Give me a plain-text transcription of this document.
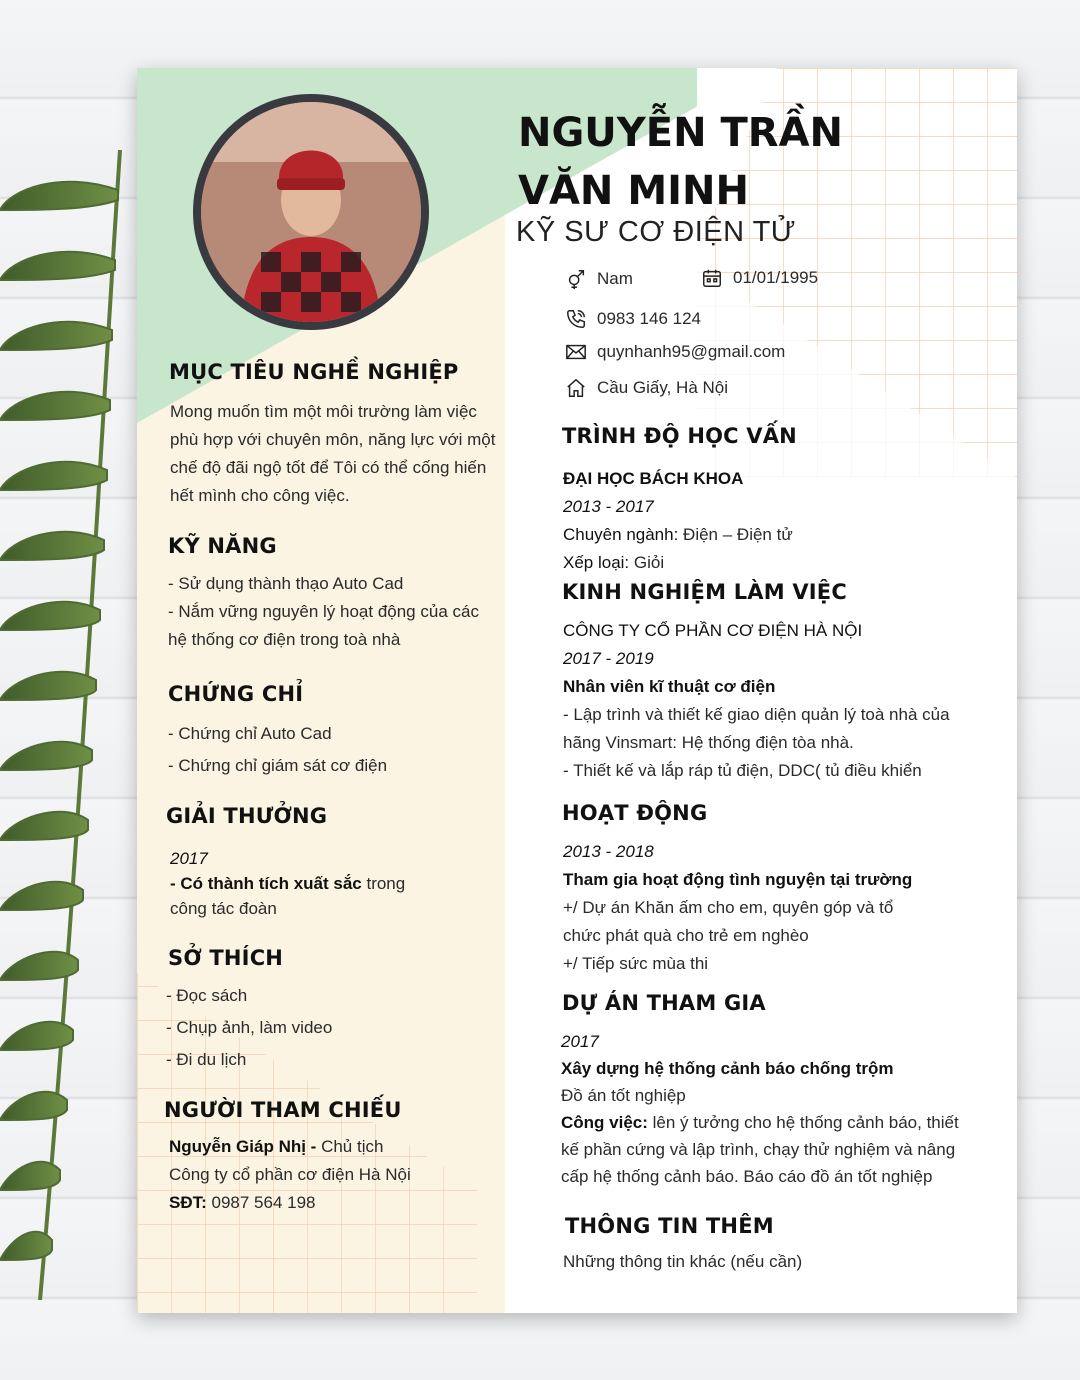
NGUYỄN TRẦN
VĂN MINH
KỸ SƯ CƠ ĐIỆN TỬ
Nam	01/01/1995
0983 146 124
quynhanh95@gmail.com
Cầu Giấy, Hà Nội
MỤC TIÊU NGHỀ NGHIỆP
Mong muốn tìm một môi trường làm việc
phù hợp với chuyên môn, năng lực với một
chế độ đãi ngộ tốt để Tôi có thể cống hiến
hết mình cho công việc.
KỸ NĂNG
- Sử dụng thành thạo Auto Cad
- Nắm vững nguyên lý hoạt động của các
hệ thống cơ điện trong toà nhà
CHỨNG CHỈ
- Chứng chỉ Auto Cad
- Chứng chỉ giám sát cơ điện
GIẢI THƯỞNG
2017
- Có thành tích xuất sắc trong
công tác đoàn
SỞ THÍCH
- Đọc sách
- Chụp ảnh, làm video
- Đi du lịch
NGƯỜI THAM CHIẾU
Nguyễn Giáp Nhị - Chủ tịch
Công ty cổ phần cơ điện Hà Nội
SĐT: 0987 564 198
TRÌNH ĐỘ HỌC VẤN
ĐẠI HỌC BÁCH KHOA
2013 - 2017
Chuyên ngành: Điện – Điện tử
Xếp loại: Giỏi
KINH NGHIỆM LÀM VIỆC
CÔNG TY CỔ PHẦN CƠ ĐIỆN HÀ NỘI
2017 - 2019
Nhân viên kĩ thuật cơ điện
- Lập trình và thiết kế giao diện quản lý toà nhà của
hãng Vinsmart: Hệ thống điện tòa nhà.
- Thiết kế và lắp ráp tủ điện, DDC( tủ điều khiển
HOẠT ĐỘNG
2013 - 2018
Tham gia hoạt động tình nguyện tại trường
+/ Dự án Khăn ấm cho em, quyên góp và tổ
chức phát quà cho trẻ em nghèo
+/ Tiếp sức mùa thi
DỰ ÁN THAM GIA
2017
Xây dựng hệ thống cảnh báo chống trộm
Đồ án tốt nghiệp
Công việc: lên ý tưởng cho hệ thống cảnh báo, thiết
kế phần cứng và lập trình, chạy thử nghiệm và nâng
cấp hệ thống cảnh báo. Báo cáo đồ án tốt nghiệp
THÔNG TIN THÊM
Những thông tin khác (nếu cần)
